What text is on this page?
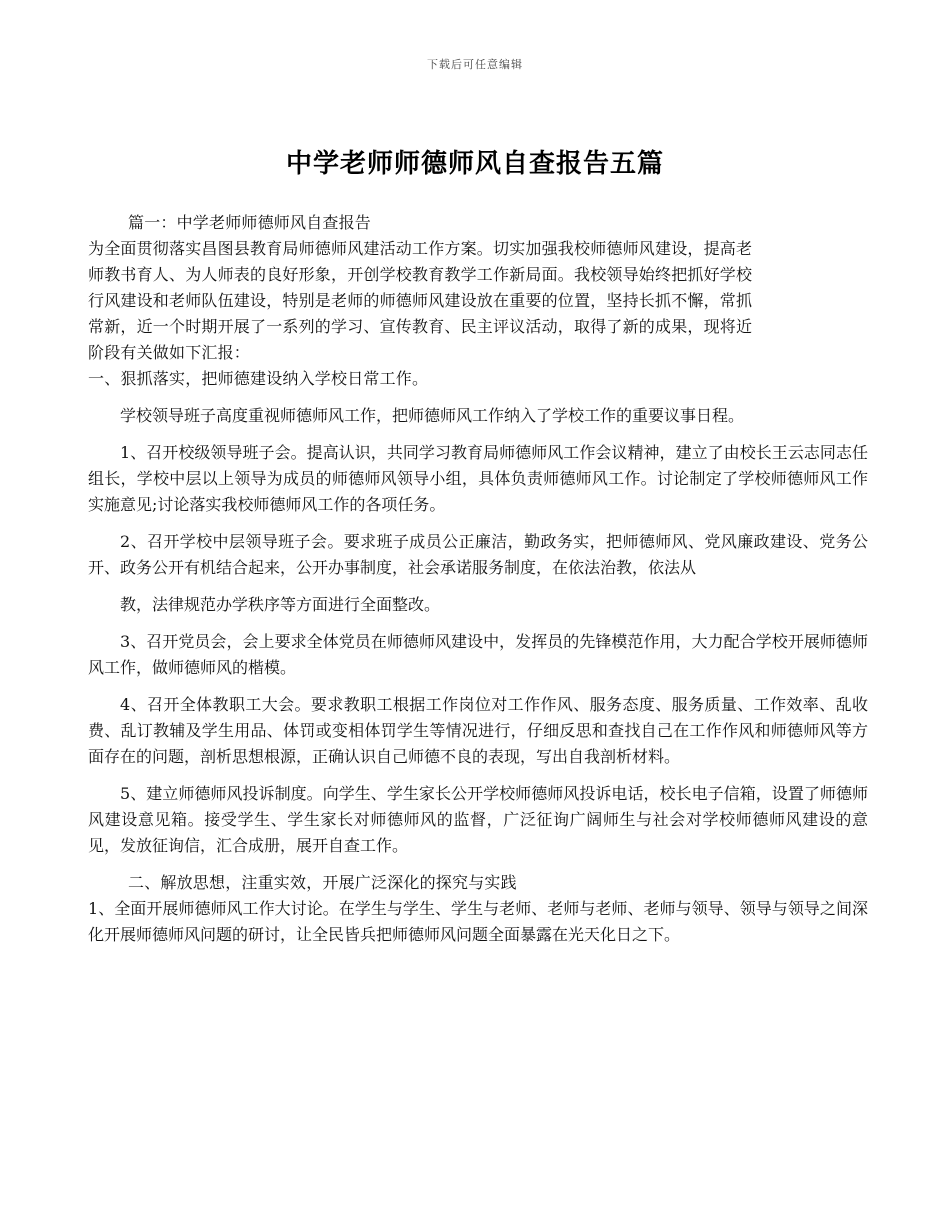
下载后可任意编辑
中学老师师德师风自查报告五篇
篇一：中学老师师德师风自查报告
为全面贯彻落实昌图县教育局师德师风建活动工作方案。切实加强我校师德师风建设，提高老
师教书育人、为人师表的良好形象，开创学校教育教学工作新局面。我校领导始终把抓好学校
行风建设和老师队伍建设，特别是老师的师德师风建设放在重要的位置，坚持长抓不懈，常抓
常新，近一个时期开展了一系列的学习、宣传教育、民主评议活动，取得了新的成果，现将近
阶段有关做如下汇报：
一、狠抓落实，把师德建设纳入学校日常工作。
学校领导班子高度重视师德师风工作，把师德师风工作纳入了学校工作的重要议事日程。
1、召开校级领导班子会。提高认识，共同学习教育局师德师风工作会议精神，建立了由校长王云志同志任组长，学校中层以上领导为成员的师德师风领导小组，具体负责师德师风工作。讨论制定了学校师德师风工作实施意见;讨论落实我校师德师风工作的各项任务。
2、召开学校中层领导班子会。要求班子成员公正廉洁，勤政务实，把师德师风、党风廉政建设、党务公开、政务公开有机结合起来，公开办事制度，社会承诺服务制度，在依法治教，依法从
教，法律规范办学秩序等方面进行全面整改。
3、召开党员会，会上要求全体党员在师德师风建设中，发挥员的先锋模范作用，大力配合学校开展师德师风工作，做师德师风的楷模。
4、召开全体教职工大会。要求教职工根据工作岗位对工作作风、服务态度、服务质量、工作效率、乱收费、乱订教辅及学生用品、体罚或变相体罚学生等情况进行，仔细反思和查找自己在工作作风和师德师风等方面存在的问题，剖析思想根源，正确认识自己师德不良的表现，写出自我剖析材料。
5、建立师德师风投诉制度。向学生、学生家长公开学校师德师风投诉电话，校长电子信箱，设置了师德师风建设意见箱。接受学生、学生家长对师德师风的监督，广泛征询广阔师生与社会对学校师德师风建设的意见，发放征询信，汇合成册，展开自查工作。
二、解放思想，注重实效，开展广泛深化的探究与实践
1、全面开展师德师风工作大讨论。在学生与学生、学生与老师、老师与老师、老师与领导、领导与领导之间深化开展师德师风问题的研讨，让全民皆兵把师德师风问题全面暴露在光天化日之下。
